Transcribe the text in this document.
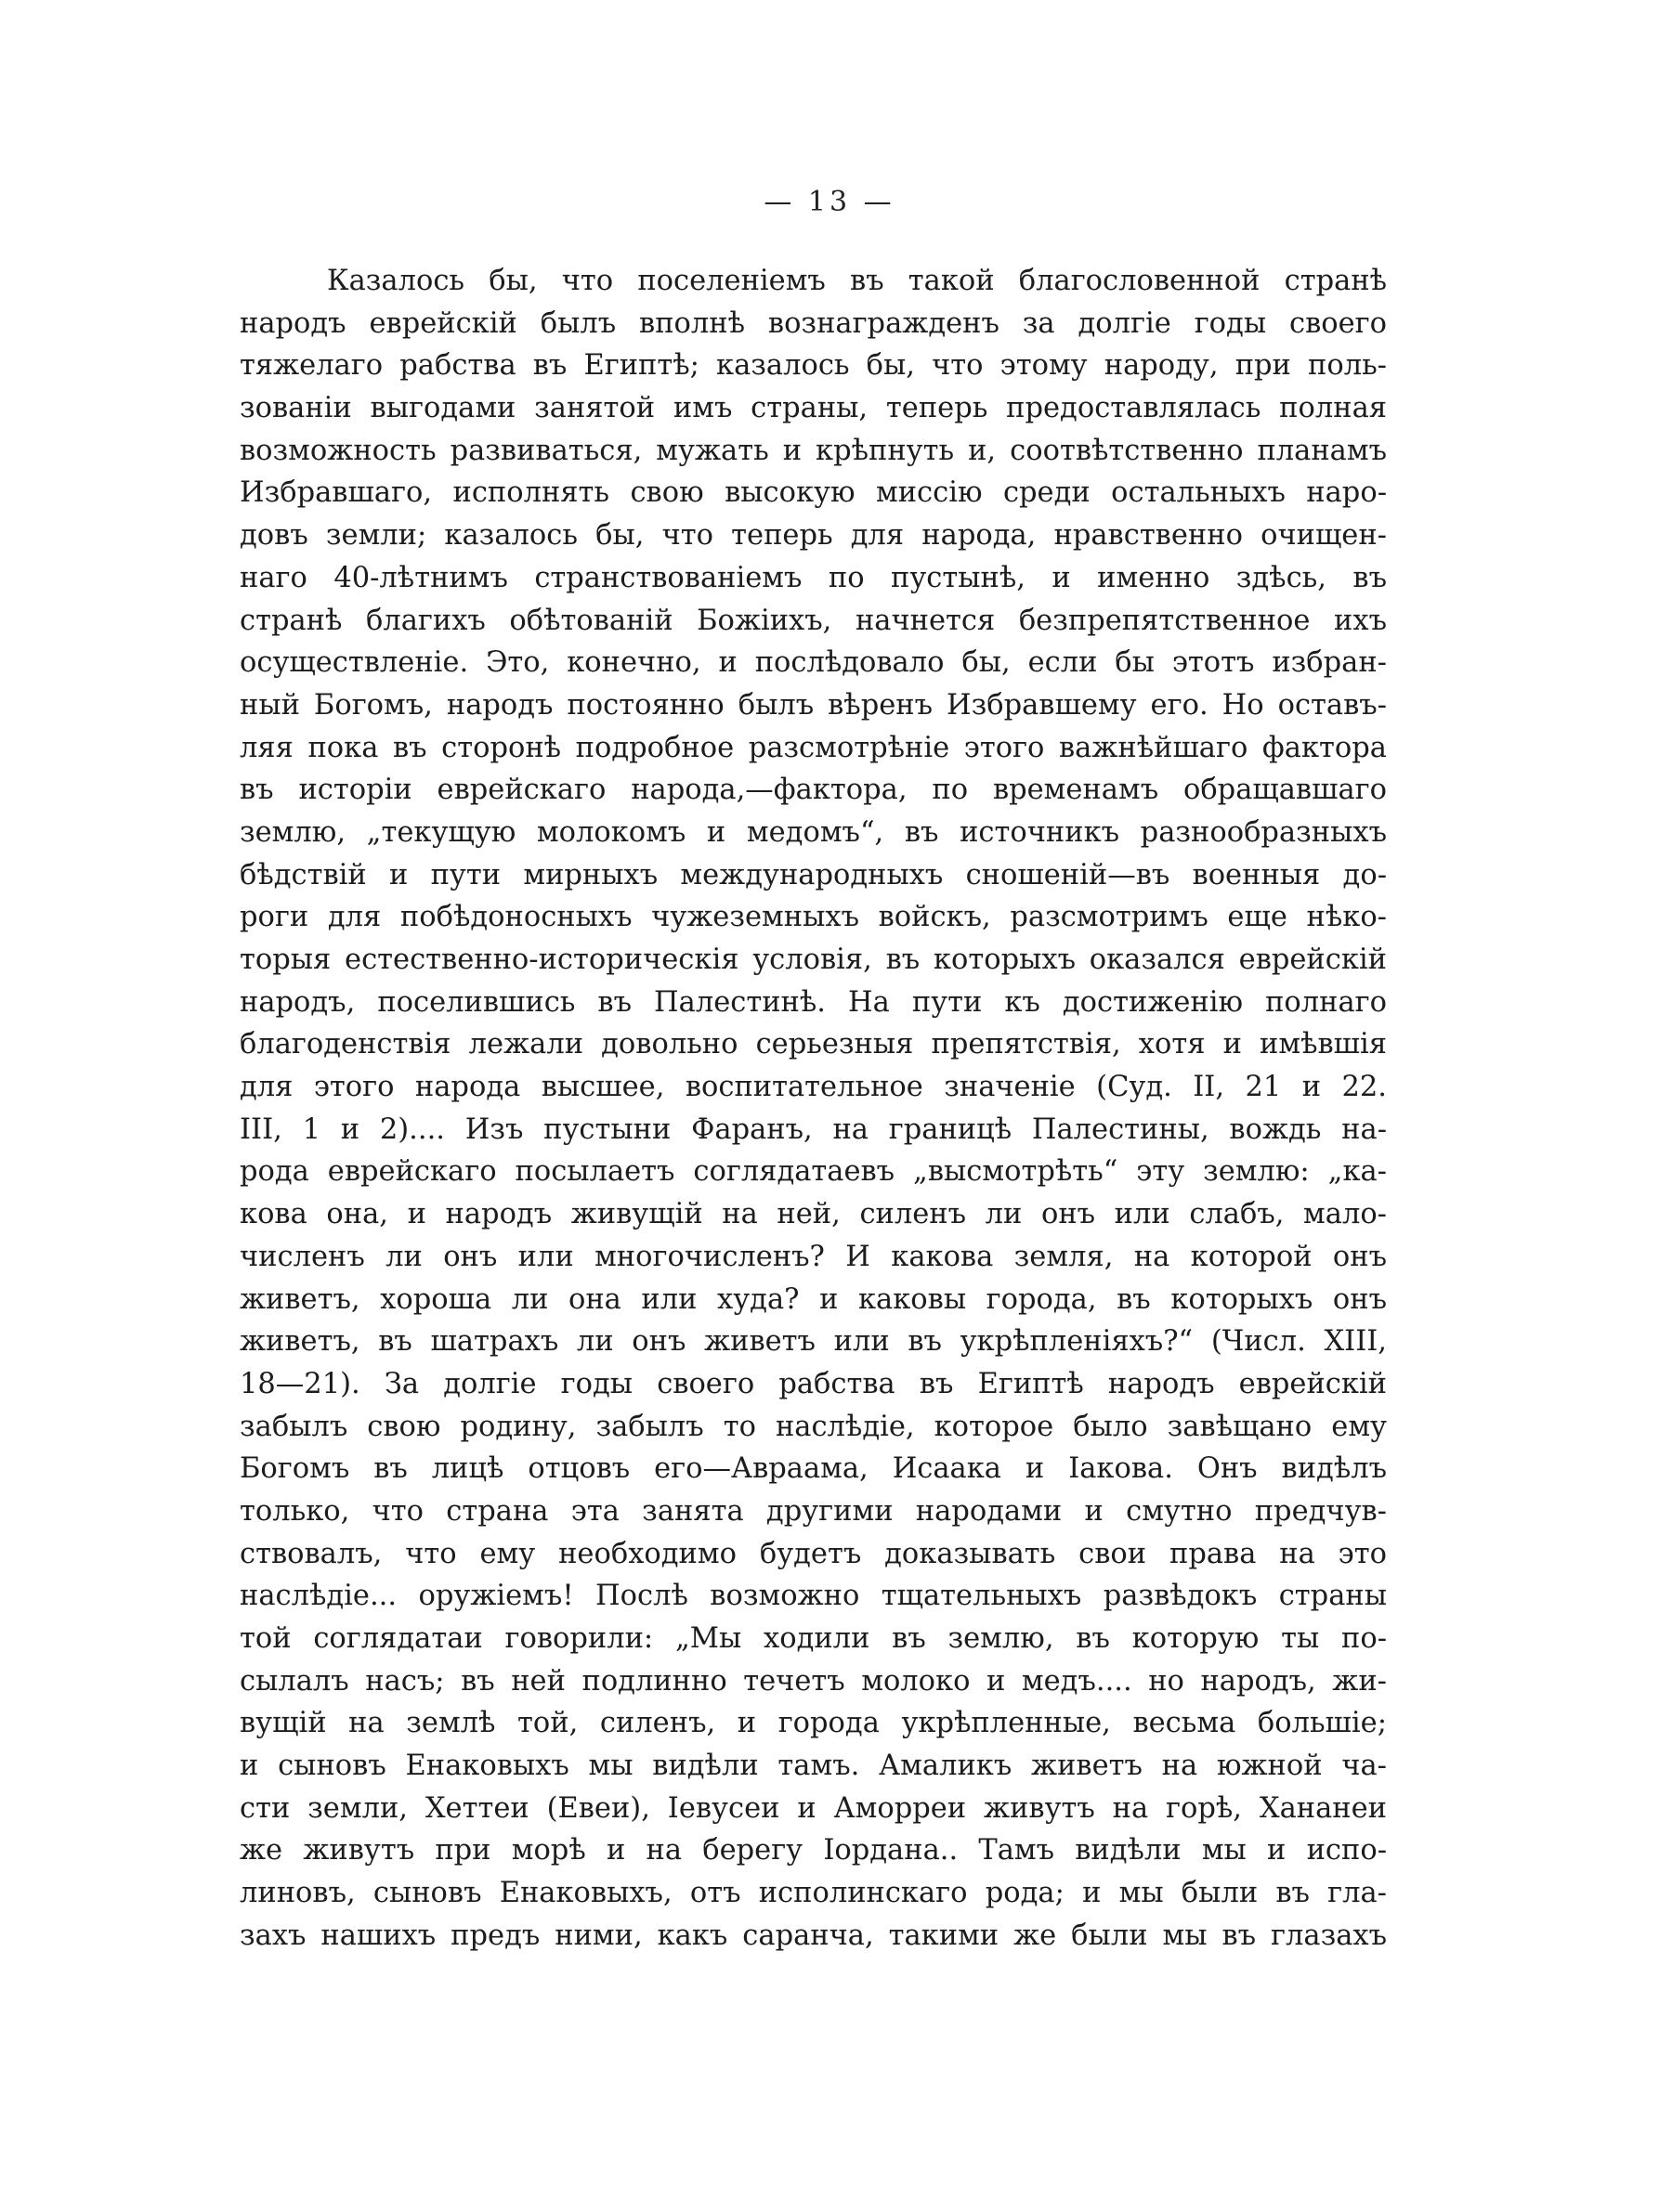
— 13 —
Казалось бы, что поселеніемъ въ такой благословенной странѣ
народъ еврейскій былъ вполнѣ вознагражденъ за долгіе годы своего
тяжелаго рабства въ Египтѣ; казалось бы, что этому народу, при поль-
зованіи выгодами занятой имъ страны, теперь предоставлялась полная
возможность развиваться, мужать и крѣпнуть и, соотвѣтственно планамъ
Избравшаго, исполнять свою высокую миссію среди остальныхъ наро-
довъ земли; казалось бы, что теперь для народа, нравственно очищен-
наго 40-лѣтнимъ странствованіемъ по пустынѣ, и именно здѣсь, въ
странѣ благихъ обѣтованій Божіихъ, начнется безпрепятственное ихъ
осуществленіе. Это, конечно, и послѣдовало бы, если бы этотъ избран-
ный Богомъ, народъ постоянно былъ вѣренъ Избравшему его. Но оставъ-
ляя пока въ сторонѣ подробное разсмотрѣніе этого важнѣйшаго фактора
въ исторіи еврейскаго народа,—фактора, по временамъ обращавшаго
землю, „текущую молокомъ и медомъ“, въ источникъ разнообразныхъ
бѣдствій и пути мирныхъ международныхъ сношеній—въ военныя до-
роги для побѣдоносныхъ чужеземныхъ войскъ, разсмотримъ еще нѣко-
торыя естественно-историческія условія, въ которыхъ оказался еврейскій
народъ, поселившись въ Палестинѣ. На пути къ достиженію полнаго
благоденствія лежали довольно серьезныя препятствія, хотя и имѣвшія
для этого народа высшее, воспитательное значеніе (Суд. II, 21 и 22.
III, 1 и 2).... Изъ пустыни Фаранъ, на границѣ Палестины, вождь на-
рода еврейскаго посылаетъ соглядатаевъ „высмотрѣть“ эту землю: „ка-
кова она, и народъ живущій на ней, силенъ ли онъ или слабъ, мало-
численъ ли онъ или многочисленъ? И какова земля, на которой онъ
живетъ, хороша ли она или худа? и каковы города, въ которыхъ онъ
живетъ, въ шатрахъ ли онъ живетъ или въ укрѣпленіяхъ?“ (Числ. XIII,
18—21). За долгіе годы своего рабства въ Египтѣ народъ еврейскій
забылъ свою родину, забылъ то наслѣдіе, которое было завѣщано ему
Богомъ въ лицѣ отцовъ его—Авраама, Исаака и Іакова. Онъ видѣлъ
только, что страна эта занята другими народами и смутно предчув-
ствовалъ, что ему необходимо будетъ доказывать свои права на это
наслѣдіе... оружіемъ! Послѣ возможно тщательныхъ развѣдокъ страны
той соглядатаи говорили: „Мы ходили въ землю, въ которую ты по-
сылалъ насъ; въ ней подлинно течетъ молоко и медъ.... но народъ, жи-
вущій на землѣ той, силенъ, и города укрѣпленные, весьма большіе;
и сыновъ Енаковыхъ мы видѣли тамъ. Амаликъ живетъ на южной ча-
сти земли, Хеттеи (Евеи), Іевусеи и Аморреи живутъ на горѣ, Хананеи
же живутъ при морѣ и на берегу Іордана.. Тамъ видѣли мы и испо-
линовъ, сыновъ Енаковыхъ, отъ исполинскаго рода; и мы были въ гла-
захъ нашихъ предъ ними, какъ саранча, такими же были мы въ глазахъ
